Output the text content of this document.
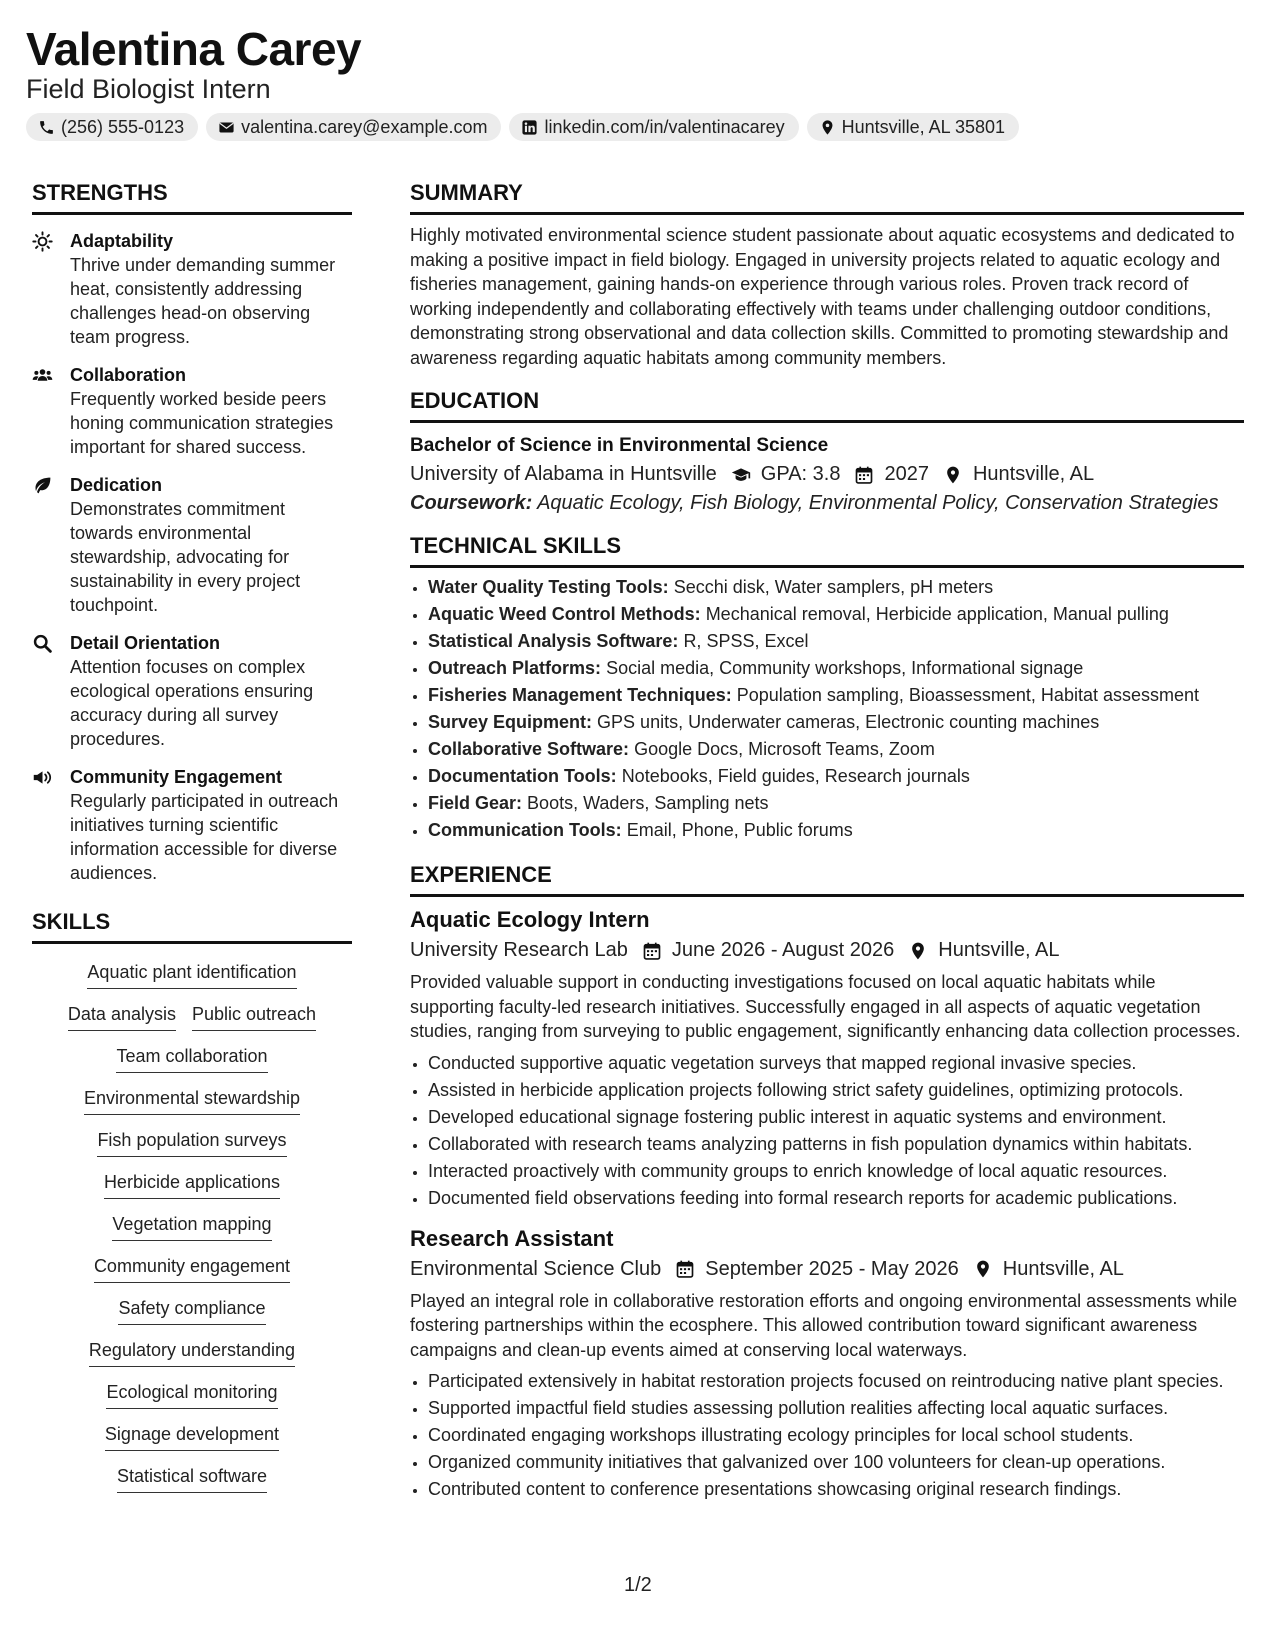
Valentina Carey
Field Biologist Intern
(256) 555-0123	valentina.carey@example.com	linkedin.com/in/valentinacarey	Huntsville, AL 35801
STRENGTHS
Adaptability
Thrive under demanding summer heat, consistently addressing challenges head-on observing team progress.
Collaboration
Frequently worked beside peers honing communication strategies important for shared success.
Dedication
Demonstrates commitment towards environmental stewardship, advocating for sustainability in every project touchpoint.
Detail Orientation
Attention focuses on complex ecological operations ensuring accuracy during all survey procedures.
Community Engagement
Regularly participated in outreach initiatives turning scientific information accessible for diverse audiences.
SKILLS
Aquatic plant identification
Data analysis Public outreach
Team collaboration
Environmental stewardship
Fish population surveys
Herbicide applications
Vegetation mapping
Community engagement
Safety compliance
Regulatory understanding
Ecological monitoring
Signage development
Statistical software
SUMMARY
Highly motivated environmental science student passionate about aquatic ecosystems and dedicated to making a positive impact in field biology. Engaged in university projects related to aquatic ecology and fisheries management, gaining hands-on experience through various roles. Proven track record of working independently and collaborating effectively with teams under challenging outdoor conditions, demonstrating strong observational and data collection skills. Committed to promoting stewardship and awareness regarding aquatic habitats among community members.
EDUCATION
Bachelor of Science in Environmental Science
University of Alabama in Huntsville GPA: 3.8 2027 Huntsville, AL
Coursework: Aquatic Ecology, Fish Biology, Environmental Policy, Conservation Strategies
TECHNICAL SKILLS
• Water Quality Testing Tools: Secchi disk, Water samplers, pH meters
• Aquatic Weed Control Methods: Mechanical removal, Herbicide application, Manual pulling
• Statistical Analysis Software: R, SPSS, Excel
• Outreach Platforms: Social media, Community workshops, Informational signage
• Fisheries Management Techniques: Population sampling, Bioassessment, Habitat assessment
• Survey Equipment: GPS units, Underwater cameras, Electronic counting machines
• Collaborative Software: Google Docs, Microsoft Teams, Zoom
• Documentation Tools: Notebooks, Field guides, Research journals
• Field Gear: Boots, Waders, Sampling nets
• Communication Tools: Email, Phone, Public forums
EXPERIENCE
Aquatic Ecology Intern
University Research Lab June 2026 - August 2026 Huntsville, AL
Provided valuable support in conducting investigations focused on local aquatic habitats while supporting faculty-led research initiatives. Successfully engaged in all aspects of aquatic vegetation studies, ranging from surveying to public engagement, significantly enhancing data collection processes.
• Conducted supportive aquatic vegetation surveys that mapped regional invasive species.
• Assisted in herbicide application projects following strict safety guidelines, optimizing protocols.
• Developed educational signage fostering public interest in aquatic systems and environment.
• Collaborated with research teams analyzing patterns in fish population dynamics within habitats.
• Interacted proactively with community groups to enrich knowledge of local aquatic resources.
• Documented field observations feeding into formal research reports for academic publications.
Research Assistant
Environmental Science Club September 2025 - May 2026 Huntsville, AL
Played an integral role in collaborative restoration efforts and ongoing environmental assessments while fostering partnerships within the ecosphere. This allowed contribution toward significant awareness campaigns and clean-up events aimed at conserving local waterways.
• Participated extensively in habitat restoration projects focused on reintroducing native plant species.
• Supported impactful field studies assessing pollution realities affecting local aquatic surfaces.
• Coordinated engaging workshops illustrating ecology principles for local school students.
• Organized community initiatives that galvanized over 100 volunteers for clean-up operations.
• Contributed content to conference presentations showcasing original research findings.
1/2
